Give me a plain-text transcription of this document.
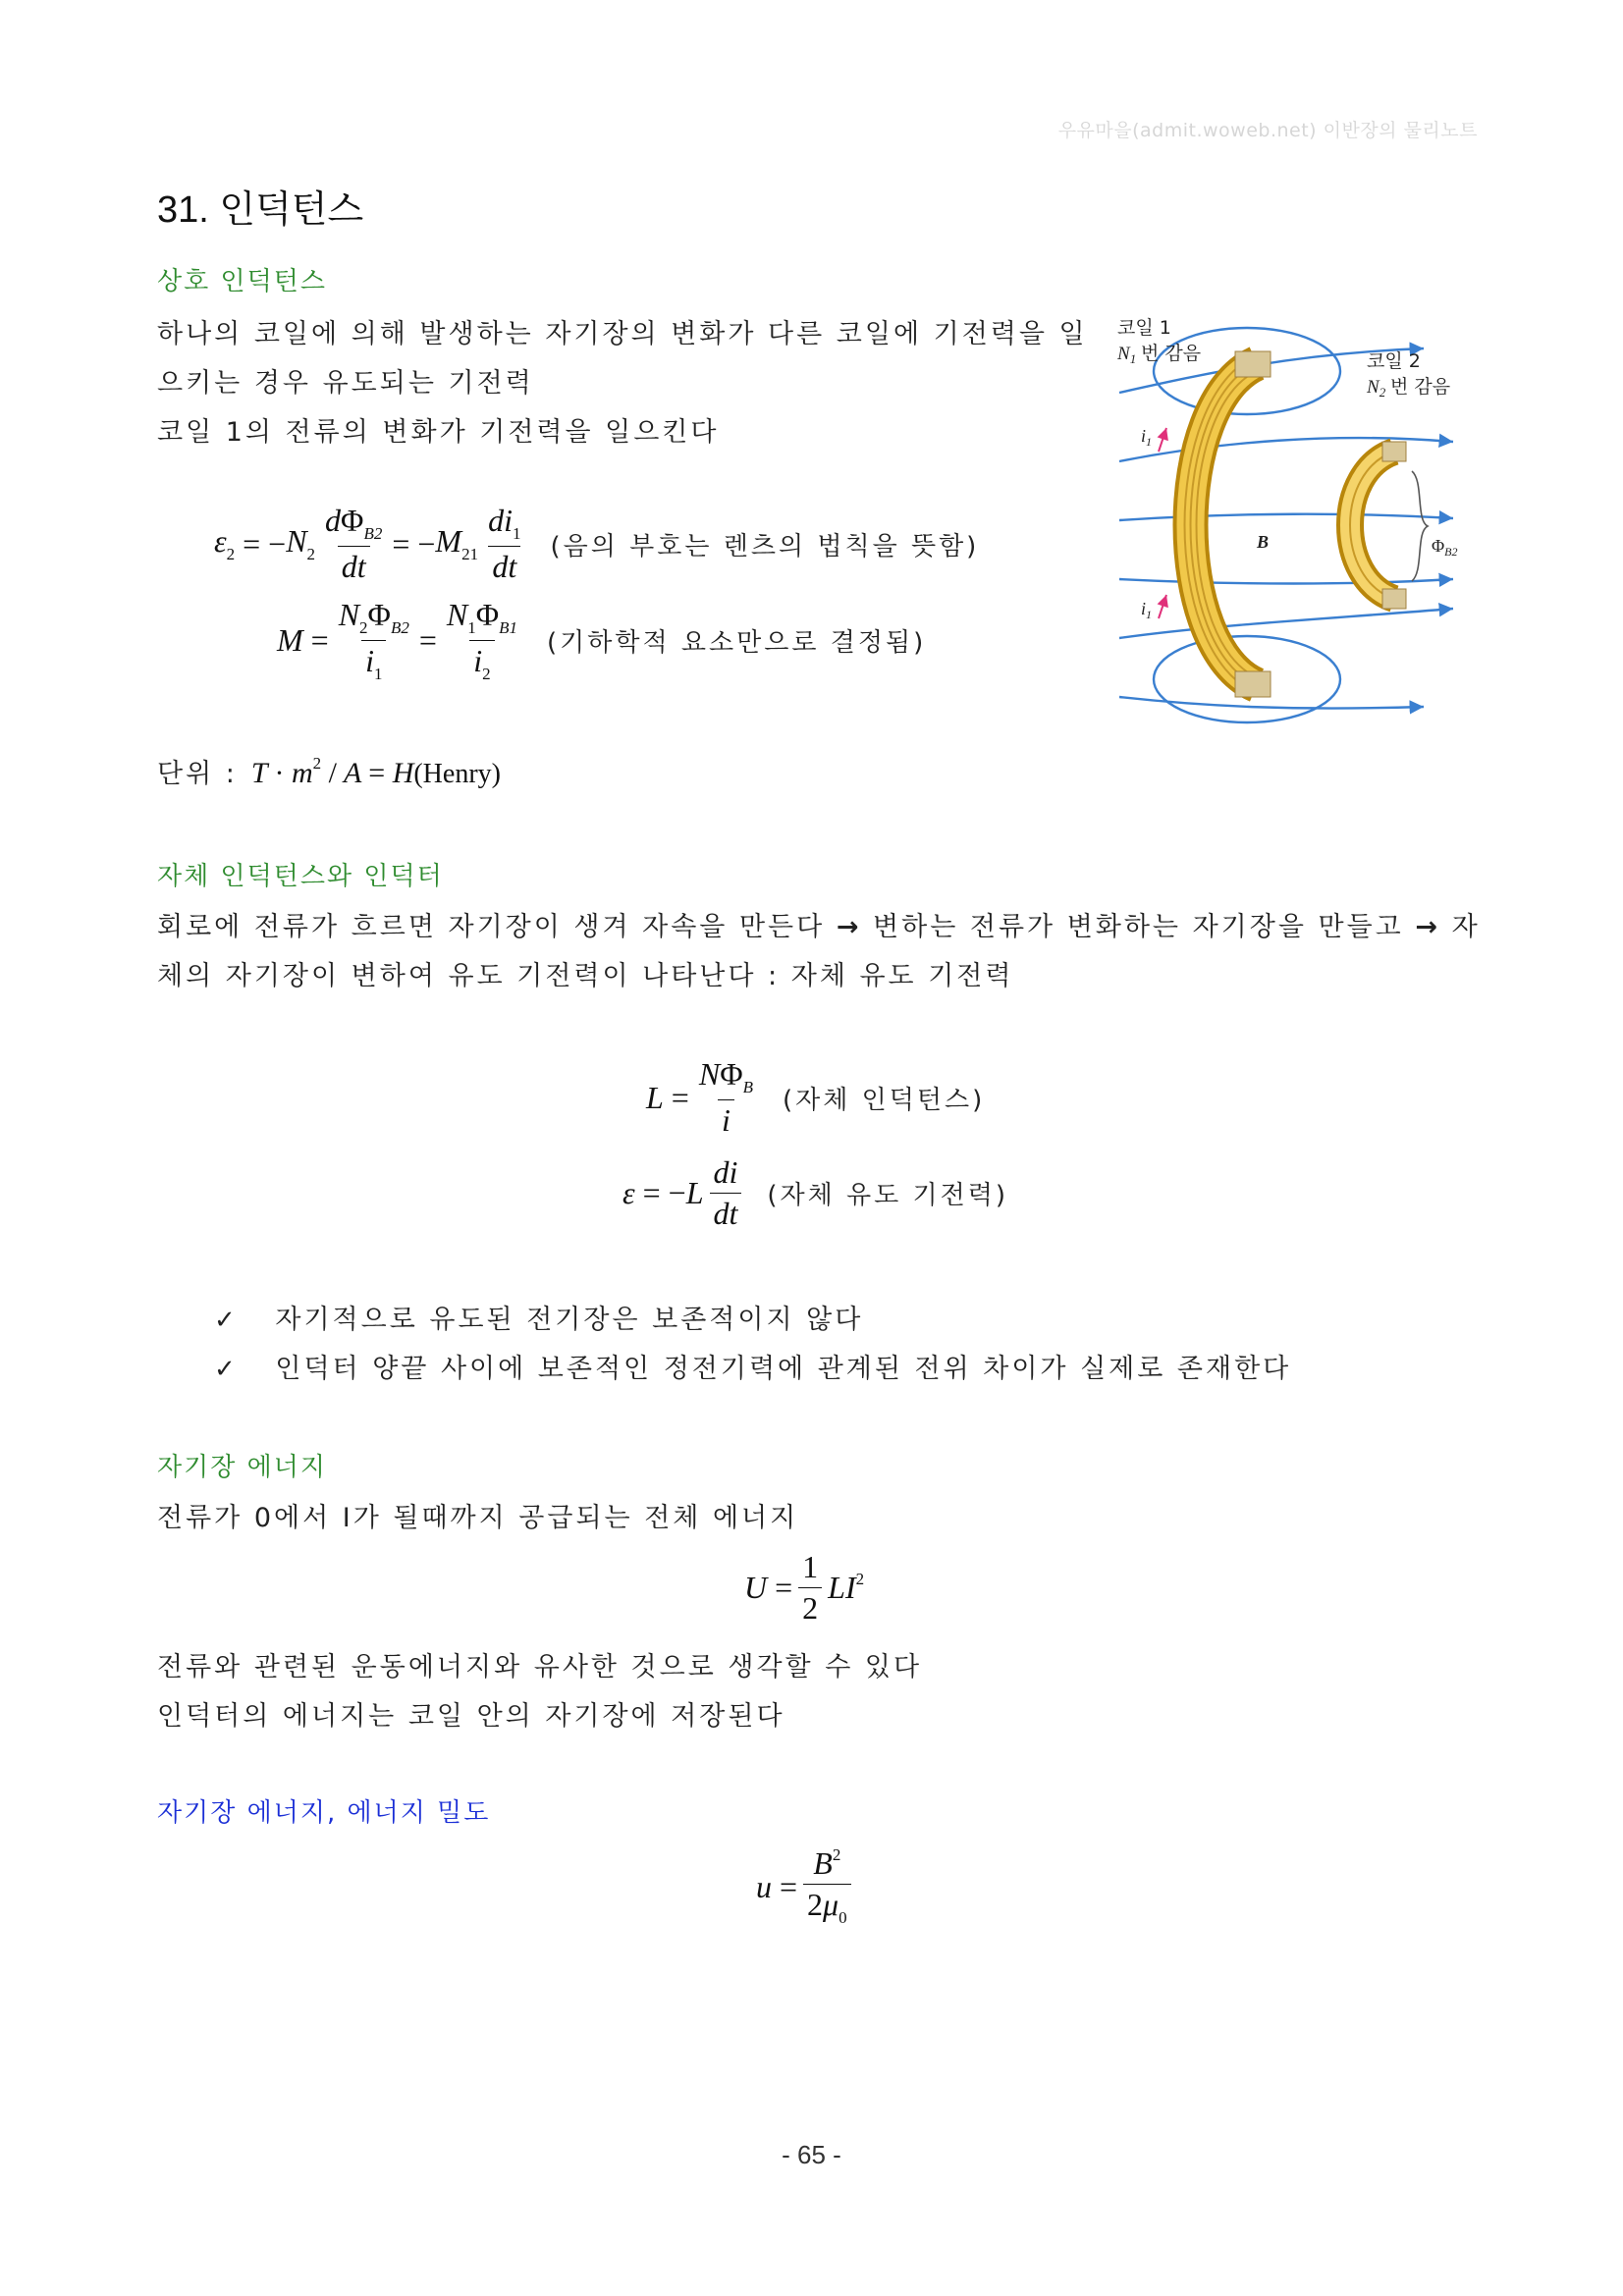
우유마을(admit.woweb.net) 이반장의 물리노트
31. 인덕턴스
상호 인덕턴스
하나의 코일에 의해 발생하는 자기장의 변화가 다른 코일에 기전력을 일
으키는 경우 유도되는 기전력
코일 1의 전류의 변화가 기전력을 일으킨다
$\varepsilon_2$ = − $N_2 \frac{d\Phi_{B2}}{dt}$ = − $M_{21} \frac{di_1}{dt}$ (음의 부호는 렌츠의 법칙을 뜻함)
$M = \frac{N_2\Phi_{B2}}{i_1} = \frac{N_1\Phi_{B1}}{i_2}$ (기하학적 요소만으로 결정됨)
단위 : $T \cdot m^2 / A = H$ (Henry)
$i_1$
$i_1$
B	$\Phi_{B2}$
코일 1
$N_1$ 번 감음	코일 2
$N_2$ 번 감음
자체 인덕턴스와 인덕터
회로에 전류가 흐르면 자기장이 생겨 자속을 만든다 → 변하는 전류가 변화하는 자기장을 만들고 → 자
체의 자기장이 변하여 유도 기전력이 나타난다 : 자체 유도 기전력
$L = \frac{N\Phi_B}{i}$ (자체 인덕턴스)
ε = − L $\frac{di}{dt}$ (자체 유도 기전력)
✓ 자기적으로 유도된 전기장은 보존적이지 않다
✓ 인덕터 양끝 사이에 보존적인 정전기력에 관계된 전위 차이가 실제로 존재한다
자기장 에너지
전류가 0에서 I가 될때까지 공급되는 전체 에너지
$U = \frac{1}{2} LI^2$
전류와 관련된 운동에너지와 유사한 것으로 생각할 수 있다
인덕터의 에너지는 코일 안의 자기장에 저장된다
자기장 에너지, 에너지 밀도
$u = \frac{B^2}{2\mu_0}$
- 65 -
